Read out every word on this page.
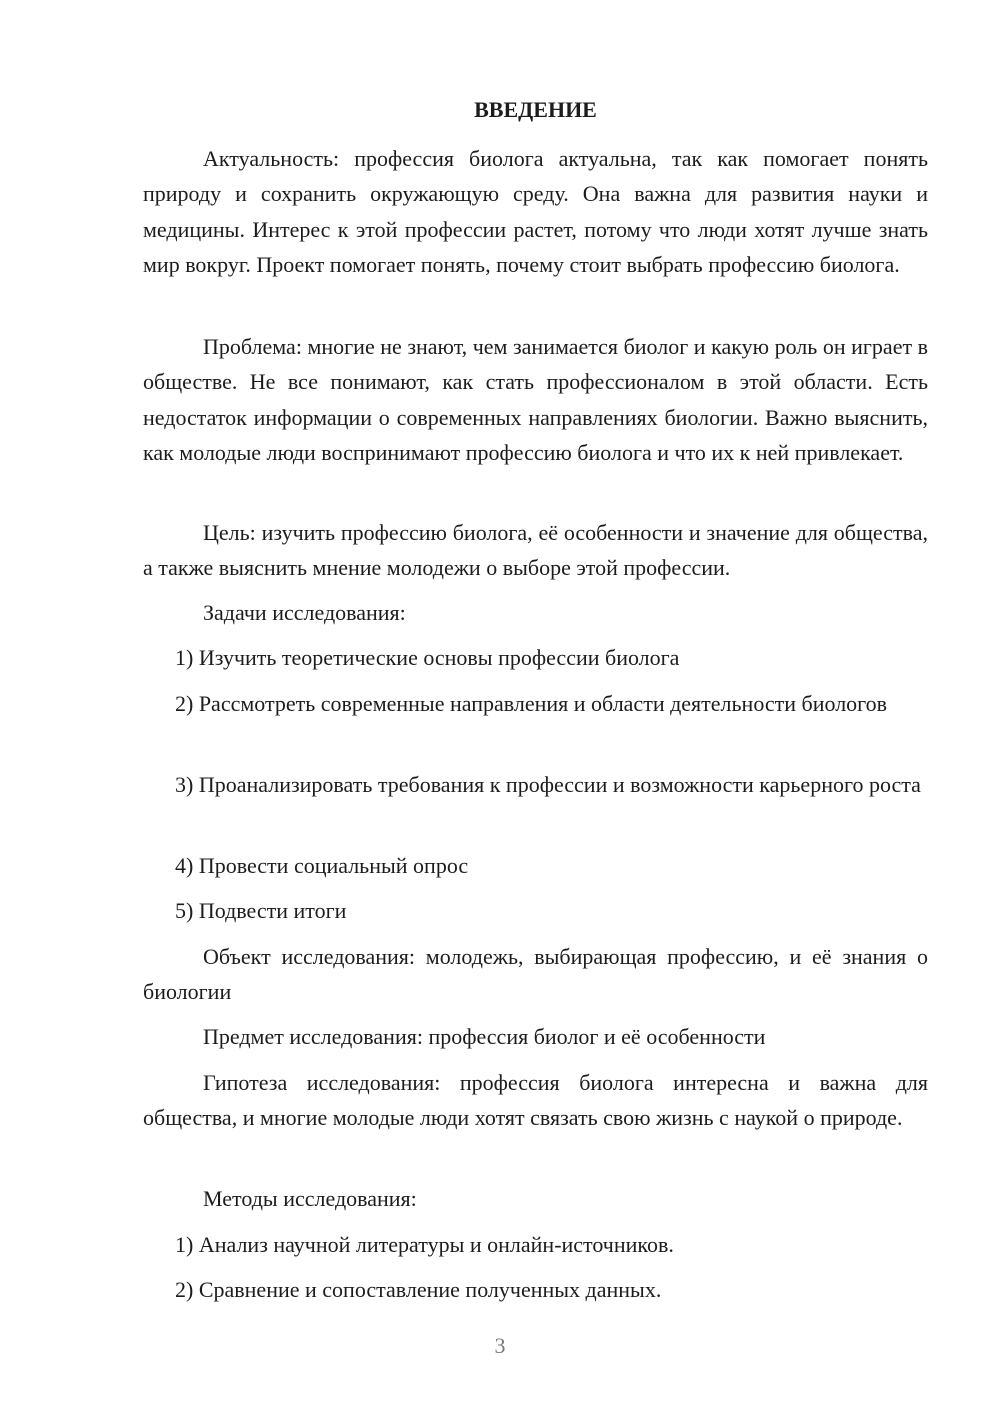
ВВЕДЕНИЕ

Актуальность: профессия биолога актуальна, так как помогает понять природу и сохранить окружающую среду. Она важна для развития науки и медицины. Интерес к этой профессии растет, потому что люди хотят лучше знать мир вокруг. Проект помогает понять, почему стоит выбрать профессию биолога.

Проблема: многие не знают, чем занимается биолог и какую роль он играет в обществе. Не все понимают, как стать профессионалом в этой области. Есть недостаток информации о современных направлениях биологии. Важно выяснить, как молодые люди воспринимают профессию биолога и что их к ней привлекает.

Цель: изучить профессию биолога, её особенности и значение для общества, а также выяснить мнение молодежи о выборе этой профессии.

Задачи исследования:

1) Изучить теоретические основы профессии биолога

2) Рассмотреть современные направления и области деятельности биологов

3) Проанализировать требования к профессии и возможности карьерного роста

4) Провести социальный опрос

5) Подвести итоги

Объект исследования: молодежь, выбирающая профессию, и её знания о биологии

Предмет исследования: профессия биолог и её особенности

Гипотеза исследования: профессия биолога интересна и важна для общества, и многие молодые люди хотят связать свою жизнь с наукой о природе.

Методы исследования:

1) Анализ научной литературы и онлайн-источников.

2) Сравнение и сопоставление полученных данных.

3
